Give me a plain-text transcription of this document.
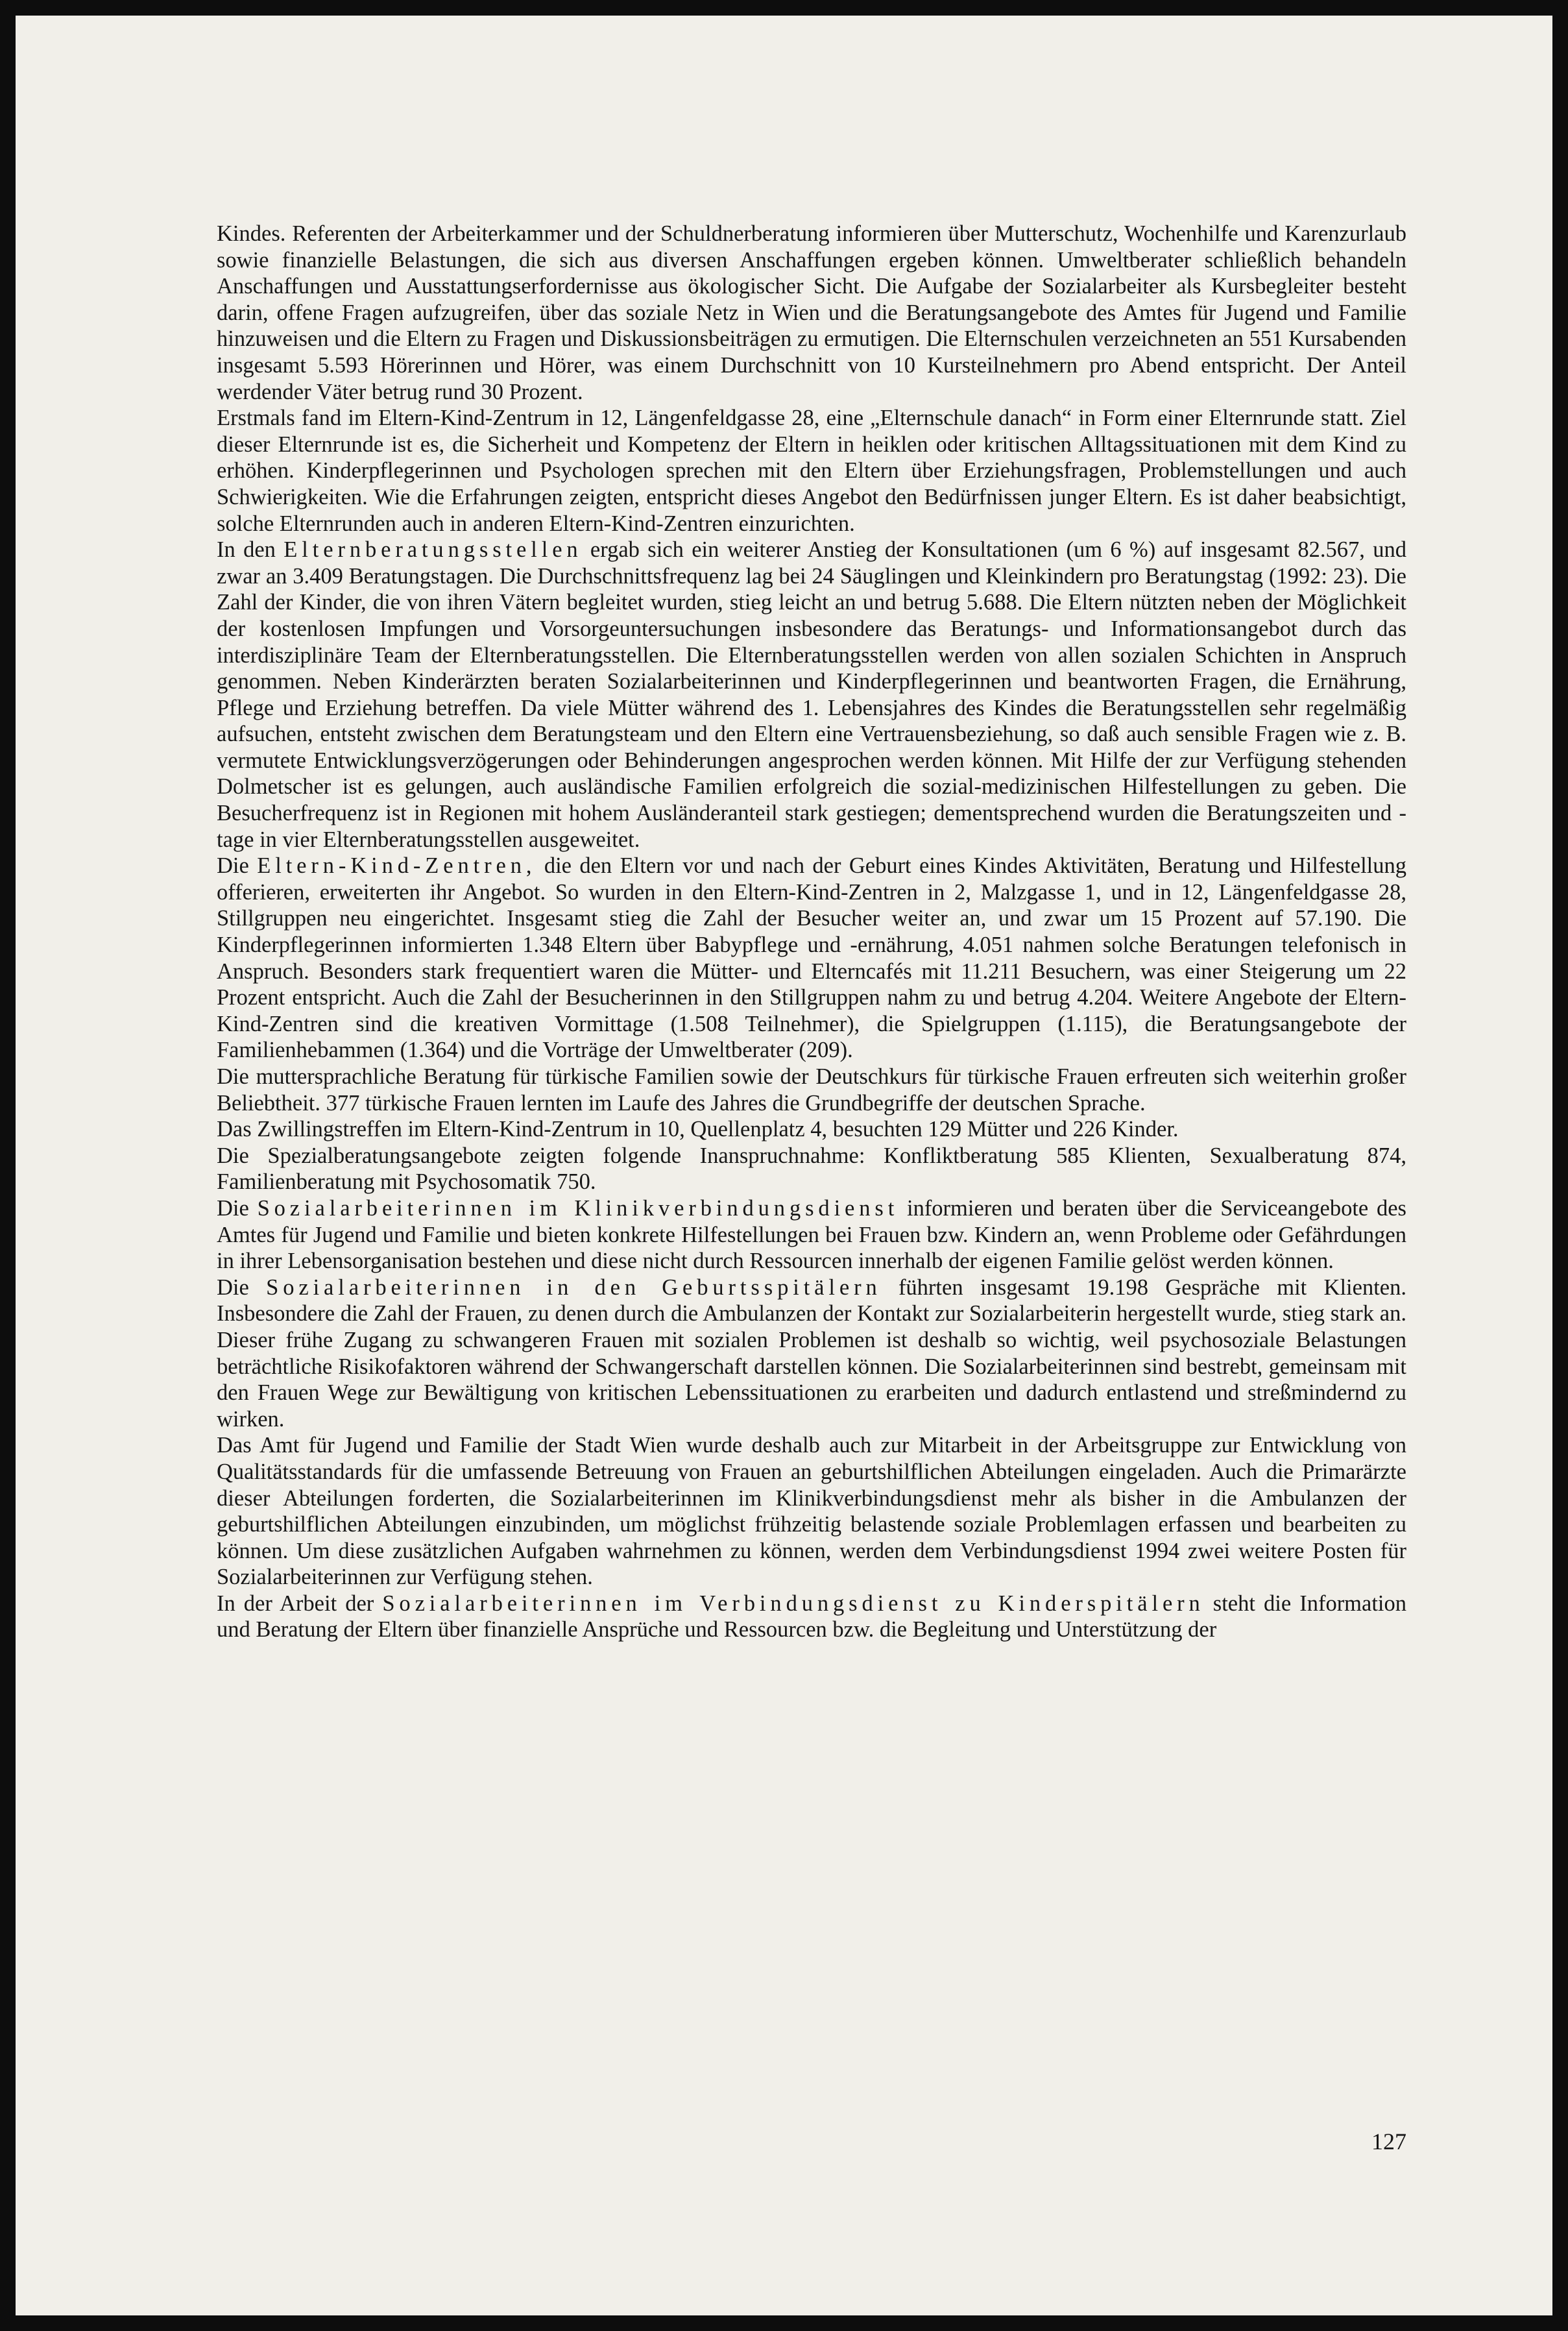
Kindes. Referenten der Arbeiterkammer und der Schuldnerberatung informieren über Mutterschutz, Wochenhilfe und Karenzurlaub sowie finanzielle Belastungen, die sich aus diversen Anschaffungen ergeben können. Umweltberater schließlich behandeln Anschaffungen und Ausstattungserfordernisse aus ökologischer Sicht. Die Aufgabe der Sozialarbeiter als Kursbegleiter besteht darin, offene Fragen aufzugreifen, über das soziale Netz in Wien und die Beratungsangebote des Amtes für Jugend und Familie hinzuweisen und die Eltern zu Fragen und Diskussionsbeiträgen zu ermutigen. Die Elternschulen verzeichneten an 551 Kursabenden insgesamt 5.593 Hörerinnen und Hörer, was einem Durchschnitt von 10 Kursteilnehmern pro Abend entspricht. Der Anteil werdender Väter betrug rund 30 Prozent.

Erstmals fand im Eltern-Kind-Zentrum in 12, Längenfeldgasse 28, eine „Elternschule danach“ in Form einer Elternrunde statt. Ziel dieser Elternrunde ist es, die Sicherheit und Kompetenz der Eltern in heiklen oder kritischen Alltagssituationen mit dem Kind zu erhöhen. Kinderpflegerinnen und Psychologen sprechen mit den Eltern über Erziehungsfragen, Problemstellungen und auch Schwierigkeiten. Wie die Erfahrungen zeigten, entspricht dieses Angebot den Bedürfnissen junger Eltern. Es ist daher beabsichtigt, solche Elternrunden auch in anderen Eltern-Kind-Zentren einzurichten.

In den Elternberatungsstellen ergab sich ein weiterer Anstieg der Konsultationen (um 6 %) auf insgesamt 82.567, und zwar an 3.409 Beratungstagen. Die Durchschnittsfrequenz lag bei 24 Säuglingen und Kleinkindern pro Beratungstag (1992: 23). Die Zahl der Kinder, die von ihren Vätern begleitet wurden, stieg leicht an und betrug 5.688. Die Eltern nützten neben der Möglichkeit der kostenlosen Impfungen und Vorsorgeuntersuchungen insbesondere das Beratungs- und Informationsangebot durch das interdisziplinäre Team der Elternberatungsstellen. Die Elternberatungsstellen werden von allen sozialen Schichten in Anspruch genommen. Neben Kinderärzten beraten Sozialarbeiterinnen und Kinderpflegerinnen und beantworten Fragen, die Ernährung, Pflege und Erziehung betreffen. Da viele Mütter während des 1. Lebensjahres des Kindes die Beratungsstellen sehr regelmäßig aufsuchen, entsteht zwischen dem Beratungsteam und den Eltern eine Vertrauensbeziehung, so daß auch sensible Fragen wie z. B. vermutete Entwicklungsverzögerungen oder Behinderungen angesprochen werden können. Mit Hilfe der zur Verfügung stehenden Dolmetscher ist es gelungen, auch ausländische Familien erfolgreich die sozial-medizinischen Hilfestellungen zu geben. Die Besucherfrequenz ist in Regionen mit hohem Ausländeranteil stark gestiegen; dementsprechend wurden die Beratungszeiten und -tage in vier Elternberatungsstellen ausgeweitet.

Die Eltern-Kind-Zentren, die den Eltern vor und nach der Geburt eines Kindes Aktivitäten, Beratung und Hilfestellung offerieren, erweiterten ihr Angebot. So wurden in den Eltern-Kind-Zentren in 2, Malzgasse 1, und in 12, Längenfeldgasse 28, Stillgruppen neu eingerichtet. Insgesamt stieg die Zahl der Besucher weiter an, und zwar um 15 Prozent auf 57.190. Die Kinderpflegerinnen informierten 1.348 Eltern über Babypflege und -ernährung, 4.051 nahmen solche Beratungen telefonisch in Anspruch. Besonders stark frequentiert waren die Mütter- und Elterncafés mit 11.211 Besuchern, was einer Steigerung um 22 Prozent entspricht. Auch die Zahl der Besucherinnen in den Stillgruppen nahm zu und betrug 4.204. Weitere Angebote der Eltern-Kind-Zentren sind die kreativen Vormittage (1.508 Teilnehmer), die Spielgruppen (1.115), die Beratungsangebote der Familienhebammen (1.364) und die Vorträge der Umweltberater (209).

Die muttersprachliche Beratung für türkische Familien sowie der Deutschkurs für türkische Frauen erfreuten sich weiterhin großer Beliebtheit. 377 türkische Frauen lernten im Laufe des Jahres die Grundbegriffe der deutschen Sprache.

Das Zwillingstreffen im Eltern-Kind-Zentrum in 10, Quellenplatz 4, besuchten 129 Mütter und 226 Kinder.

Die Spezialberatungsangebote zeigten folgende Inanspruchnahme: Konfliktberatung 585 Klienten, Sexualberatung 874, Familienberatung mit Psychosomatik 750.

Die Sozialarbeiterinnen im Klinikverbindungsdienst informieren und beraten über die Serviceangebote des Amtes für Jugend und Familie und bieten konkrete Hilfestellungen bei Frauen bzw. Kindern an, wenn Probleme oder Gefährdungen in ihrer Lebensorganisation bestehen und diese nicht durch Ressourcen innerhalb der eigenen Familie gelöst werden können.

Die Sozialarbeiterinnen in den Geburtsspitälern führten insgesamt 19.198 Gespräche mit Klienten. Insbesondere die Zahl der Frauen, zu denen durch die Ambulanzen der Kontakt zur Sozialarbeiterin hergestellt wurde, stieg stark an. Dieser frühe Zugang zu schwangeren Frauen mit sozialen Problemen ist deshalb so wichtig, weil psychosoziale Belastungen beträchtliche Risikofaktoren während der Schwangerschaft darstellen können. Die Sozialarbeiterinnen sind bestrebt, gemeinsam mit den Frauen Wege zur Bewältigung von kritischen Lebenssituationen zu erarbeiten und dadurch entlastend und streßmindernd zu wirken.

Das Amt für Jugend und Familie der Stadt Wien wurde deshalb auch zur Mitarbeit in der Arbeitsgruppe zur Entwicklung von Qualitätsstandards für die umfassende Betreuung von Frauen an geburtshilflichen Abteilungen eingeladen. Auch die Primarärzte dieser Abteilungen forderten, die Sozialarbeiterinnen im Klinikverbindungsdienst mehr als bisher in die Ambulanzen der geburtshilflichen Abteilungen einzubinden, um möglichst frühzeitig belastende soziale Problemlagen erfassen und bearbeiten zu können. Um diese zusätzlichen Aufgaben wahrnehmen zu können, werden dem Verbindungsdienst 1994 zwei weitere Posten für Sozialarbeiterinnen zur Verfügung stehen.

In der Arbeit der Sozialarbeiterinnen im Verbindungsdienst zu Kinderspitälern steht die Information und Beratung der Eltern über finanzielle Ansprüche und Ressourcen bzw. die Begleitung und Unterstützung der

127
